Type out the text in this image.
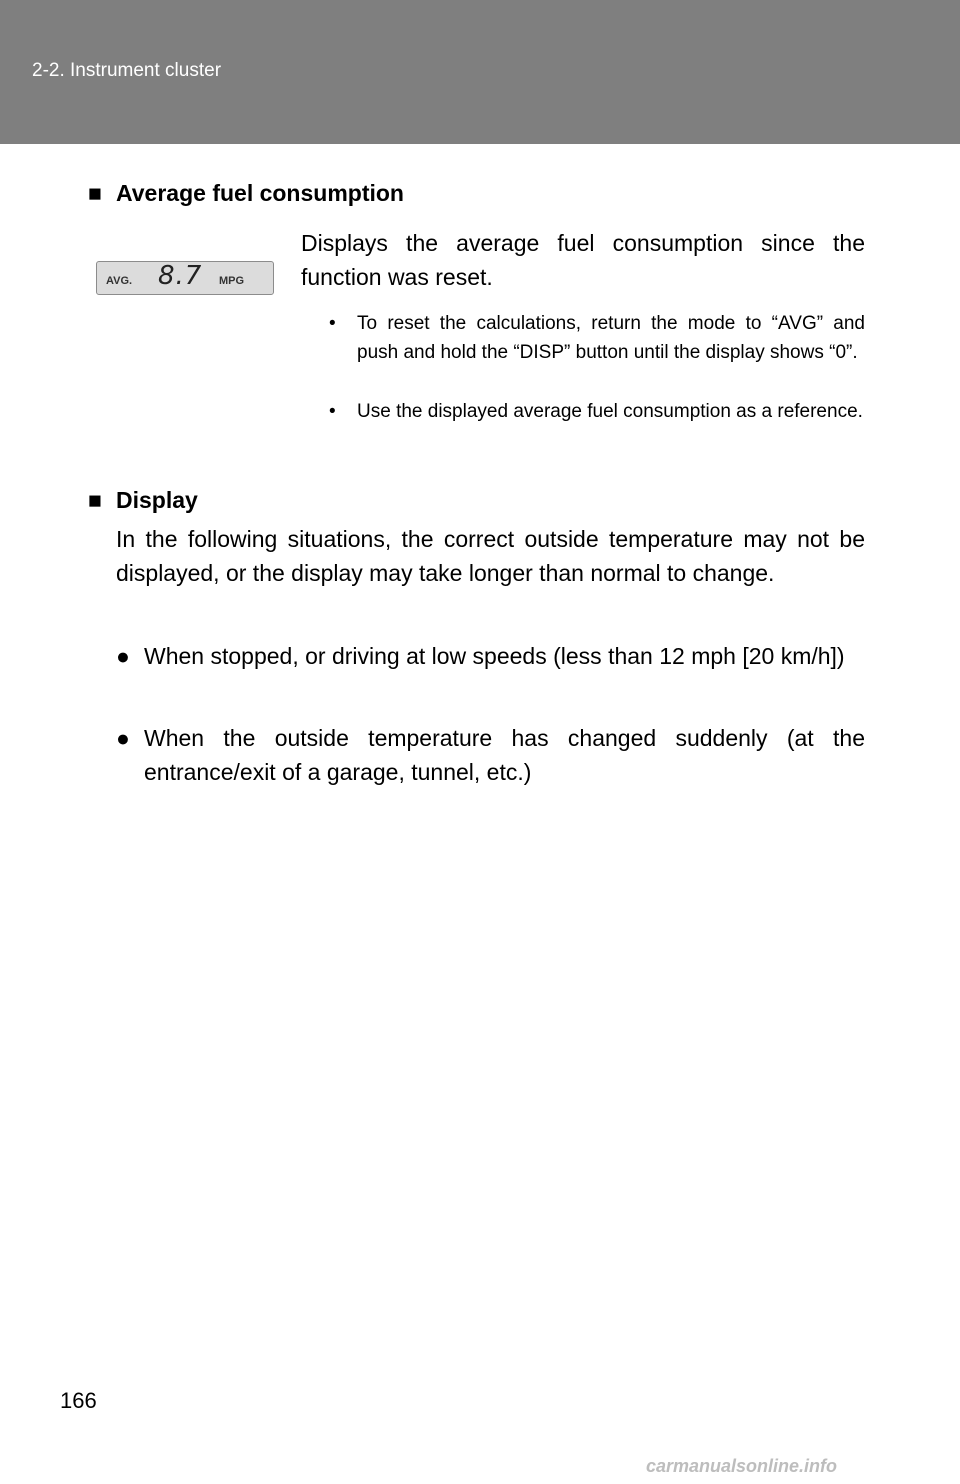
2-2. Instrument cluster
■ Average fuel consumption
AVG. 8.7 MPG

Displays the average fuel consumption since the function was reset.

•	To reset the calculations, return the mode to “AVG” and push and hold the “DISP” button until the display shows “0”.
•	Use the displayed average fuel consumption as a reference.
■ Display

In the following situations, the correct outside temperature may not be displayed, or the display may take longer than normal to change.

● When stopped, or driving at low speeds (less than 12 mph [20 km/h])
● When the outside temperature has changed suddenly (at the entrance/exit of a garage, tunnel, etc.)
166
carmanualsonline.info
